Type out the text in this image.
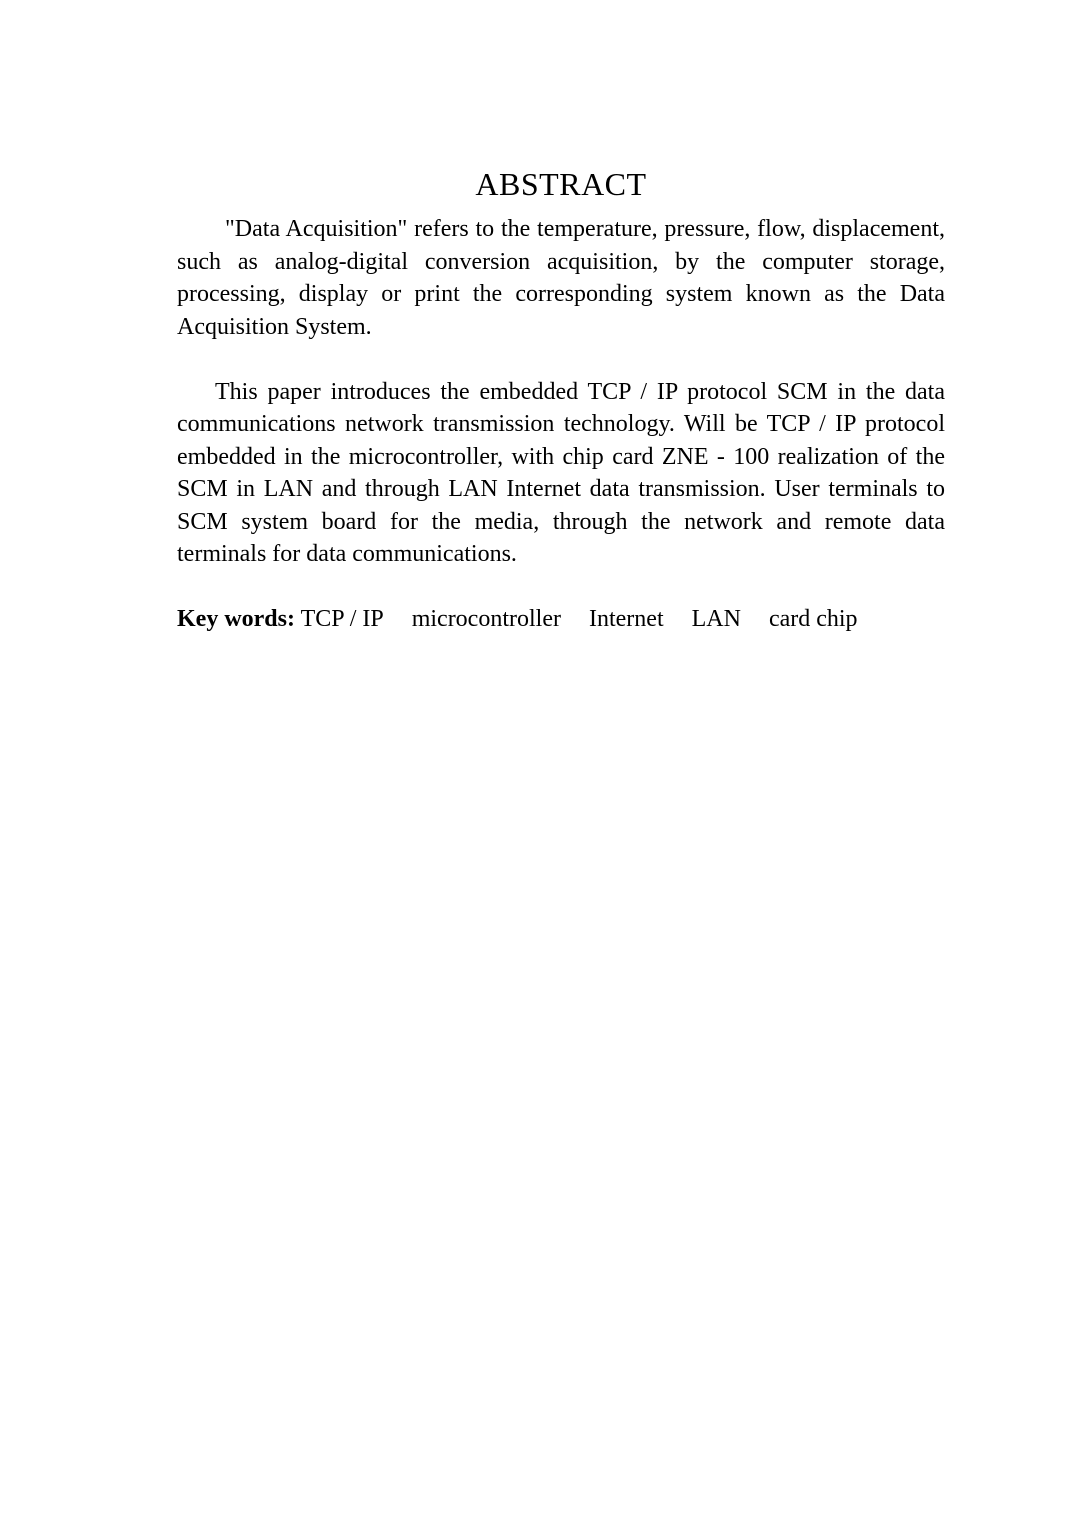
ABSTRACT

"Data Acquisition" refers to the temperature, pressure, flow, displacement, such as analog-digital conversion acquisition, by the computer storage, processing, display or print the corresponding system known as the Data Acquisition System.

This paper introduces the embedded TCP / IP protocol SCM in the data communications network transmission technology. Will be TCP / IP protocol embedded in the microcontroller, with chip card ZNE - 100 realization of the SCM in LAN and through LAN Internet data transmission. User terminals to SCM system board for the media, through the network and remote data terminals for data communications.

Key words: TCP / IP microcontroller Internet LAN card chip
